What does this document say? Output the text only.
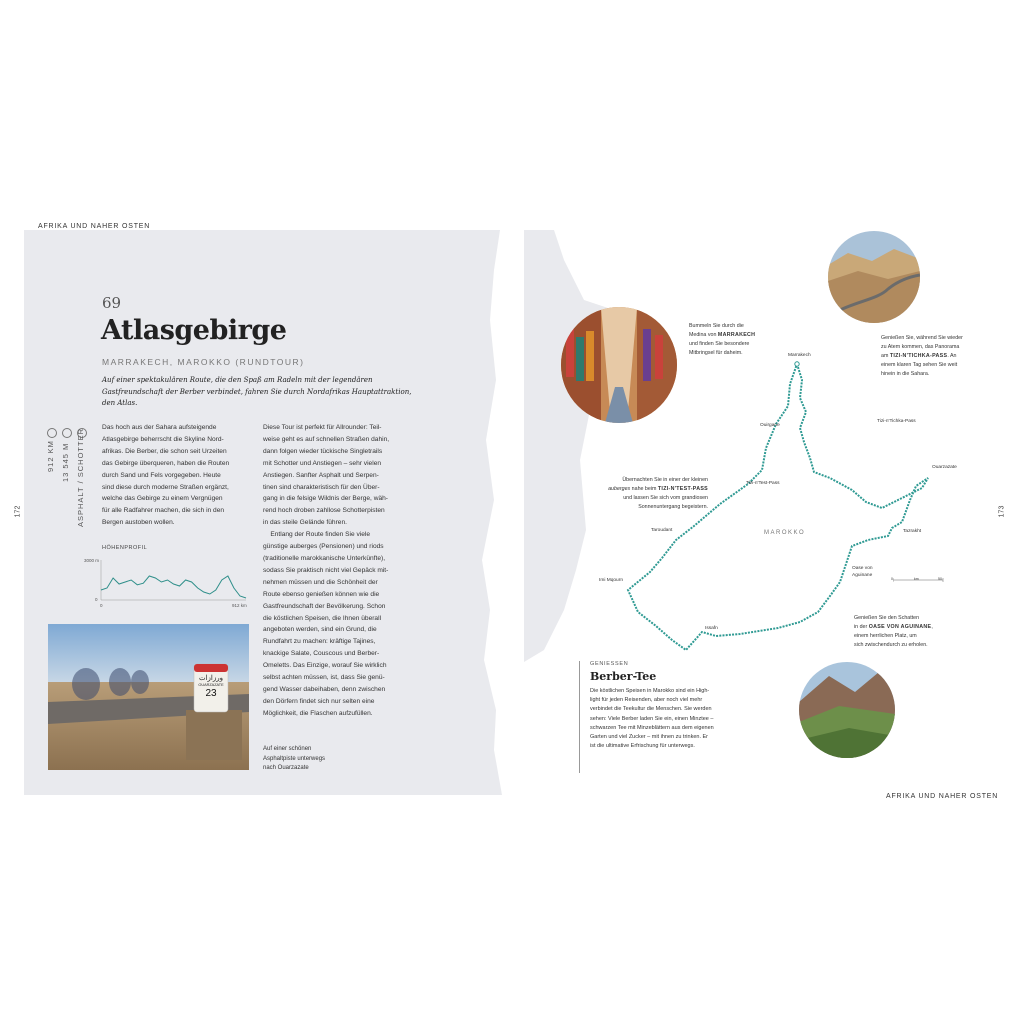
AFRIKA UND NAHER OSTEN
AFRIKA UND NAHER OSTEN
172	173
69
Atlasgebirge
MARRAKECH, MAROKKO (RUNDTOUR)
Auf einer spektakulären Route, die den Spaß am Radeln mit der legendären Gastfreundschaft der Berber verbindet, fahren Sie durch Nordafrikas Hauptattraktion, den Atlas.
912 KM 13 545 M ASPHALT / SCHOTTER
Das hoch aus der Sahara aufsteigende
Atlasgebirge beherrscht die Skyline Nord-
afrikas. Die Berber, die schon seit Urzeiten
das Gebirge überqueren, haben die Routen
durch Sand und Fels vorgegeben. Heute
sind diese durch moderne Straßen ergänzt,
welche das Gebirge zu einem Vergnügen
für alle Radfahrer machen, die sich in den
Bergen austoben wollen.
Diese Tour ist perfekt für Allrounder: Teil-
weise geht es auf schnellen Straßen dahin,
dann folgen wieder tückische Singletrails
mit Schotter und Anstiegen – sehr vielen
Anstiegen. Sanfter Asphalt und Serpen-
tinen sind charakteristisch für den Über-
gang in die felsige Wildnis der Berge, wäh-
rend hoch droben zahllose Schotterpisten
in das steile Gelände führen.
Entlang der Route finden Sie viele
günstige auberges (Pensionen) und riods
(traditionelle marokkanische Unterkünfte),
sodass Sie praktisch nicht viel Gepäck mit-
nehmen müssen und die Schönheit der
Route ebenso genießen können wie die
Gastfreundschaft der Bevölkerung. Schon
die köstlichen Speisen, die Ihnen überall
angeboten werden, sind ein Grund, die
Rundfahrt zu machen: kräftige Tajines,
knackige Salate, Couscous und Berber-
Omeletts. Das Einzige, worauf Sie wirklich
selbst achten müssen, ist, dass Sie genü-
gend Wasser dabeihaben, denn zwischen
den Dörfern findet sich nur selten eine
Möglichkeit, die Flaschen aufzufüllen.
HÖHENPROFIL
3000 m
0
0	912 km
ورزازات
OUARZAZATE
23
Auf einer schönen
Asphaltpiste unterwegs
nach Ouarzazate
Marrakech
Tizi-n'Tichka-Pass
Ouarzazate
Tazrakht
Oase von
Aguinane
Issafn
Imi Mqourn
Taroudant
Tizi-n'Test-Pass
Ouirgane
MAROKKO
0	km	50
Bummeln Sie durch die
Medina von MARRAKECH
und finden Sie besondere
Mitbringsel für daheim.
Genießen Sie, während Sie wieder
zu Atem kommen, das Panorama
am TIZI-N'TICHKA-PASS. An
einem klaren Tag sehen Sie weit
hinein in die Sahara.
Übernachten Sie in einer der kleinen
auberges nahe beim TIZI-N'TEST-PASS
und lassen Sie sich vom grandiosen
Sonnenuntergang begeistern.
Genießen Sie den Schatten
in der OASE VON AGUINANE,
einem herrlichen Platz, um
sich zwischendurch zu erholen.
GENIESSEN
Berber-Tee
Die köstlichen Speisen in Marokko sind ein High-
light für jeden Reisenden, aber noch viel mehr
verbindet die Teekultur die Menschen. Sie werden
sehen: Viele Berber laden Sie ein, einen Minztee –
schwarzen Tee mit Minzeblättern aus dem eigenen
Garten und viel Zucker – mit ihnen zu trinken. Er
ist die ultimative Erfrischung für unterwegs.
